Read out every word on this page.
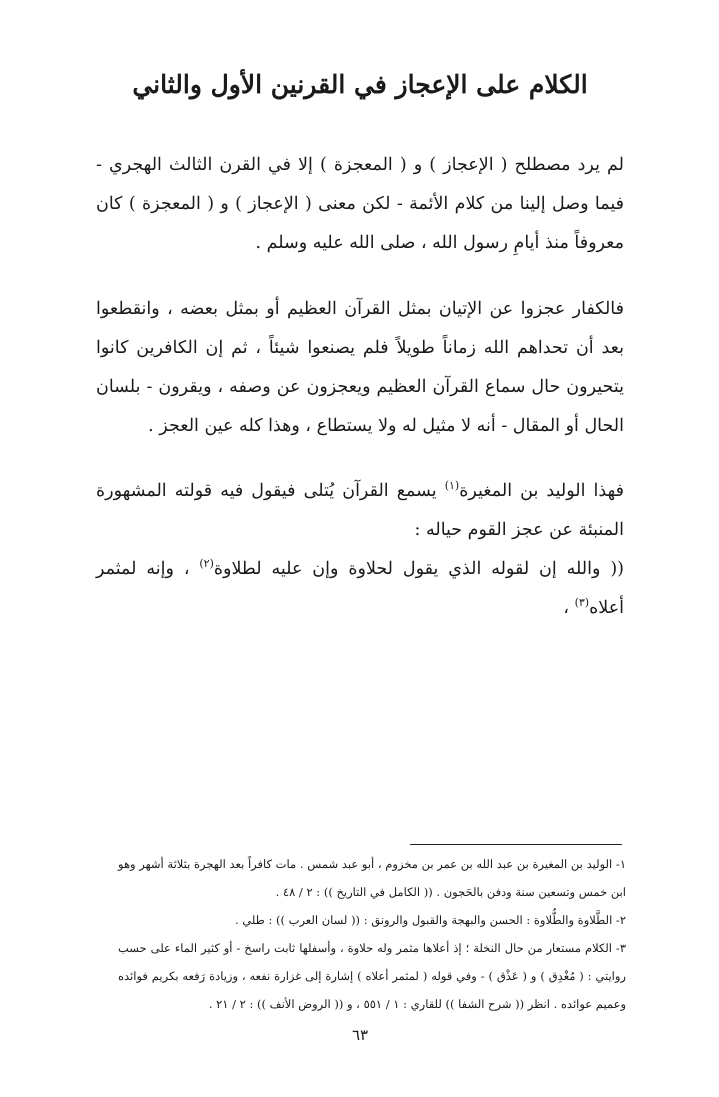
الكلام على الإعجاز في القرنين الأول والثاني

لم يرد مصطلح ( الإعجاز ) و ( المعجزة ) إلا في القرن الثالث الهجري - فيما وصل إلينا من كلام الأئمة - لكن معنى ( الإعجاز ) و ( المعجزة ) كان معروفاً منذ أيامِ رسول الله ، صلى الله عليه وسلم .

فالكفار عجزوا عن الإتيان بمثل القرآن العظيم أو بمثل بعضه ، وانقطعوا بعد أن تحداهم الله زماناً طويلاً فلم يصنعوا شيئاً ، ثم إن الكافرين كانوا يتحيرون حال سماع القرآن العظيم ويعجزون عن وصفه ، ويقرون - بلسان الحال أو المقال - أنه لا مثيل له ولا يستطاع ، وهذا كله عين العجز .

فهذا الوليد بن المغيرة$^{(١)}$ يسمع القرآن يُتلى فيقول فيه قولته المشهورة المنبئة عن عجز القوم حياله :
(( والله إن لقوله الذي يقول لحلاوة وإن عليه لطلاوة$^{(٢)}$ ، وإنه لمثمر أعلاه$^{(٣)}$ ،

١- الوليد بن المغيرة بن عبد الله بن عمر بن مخزوم ، أبو عبد شمس . مات كافراً بعد الهجرة بثلاثة أشهر وهو ابن خمس وتسعين سنة ودفن بالحَجون . (( الكامل في التاريخ )) : ٢ / ٤٨ .
٢- الطَّلاوة والطُّلاوة : الحسن والبهجة والقبول والرونق : (( لسان العرب )) : طلي .
٣- الكلام مستعار من حال النخلة ؛ إذ أعلاها مثمر وله حلاوة ، وأسفلها ثابت راسخ - أو كثير الماء على حسب روايتي : ( مُغْدِق ) و ( عَذْق ) - وفي قوله ( لمثمر أعلاه ) إشارة إلى غزارة نفعه ، وزيادة رَفعه بكريم فوائده وعميم عوائده . انظر (( شرح الشفا )) للقاري : ١ / ٥٥١ ، و (( الروض الأنف )) : ٢ / ٢١ .
٦٣
